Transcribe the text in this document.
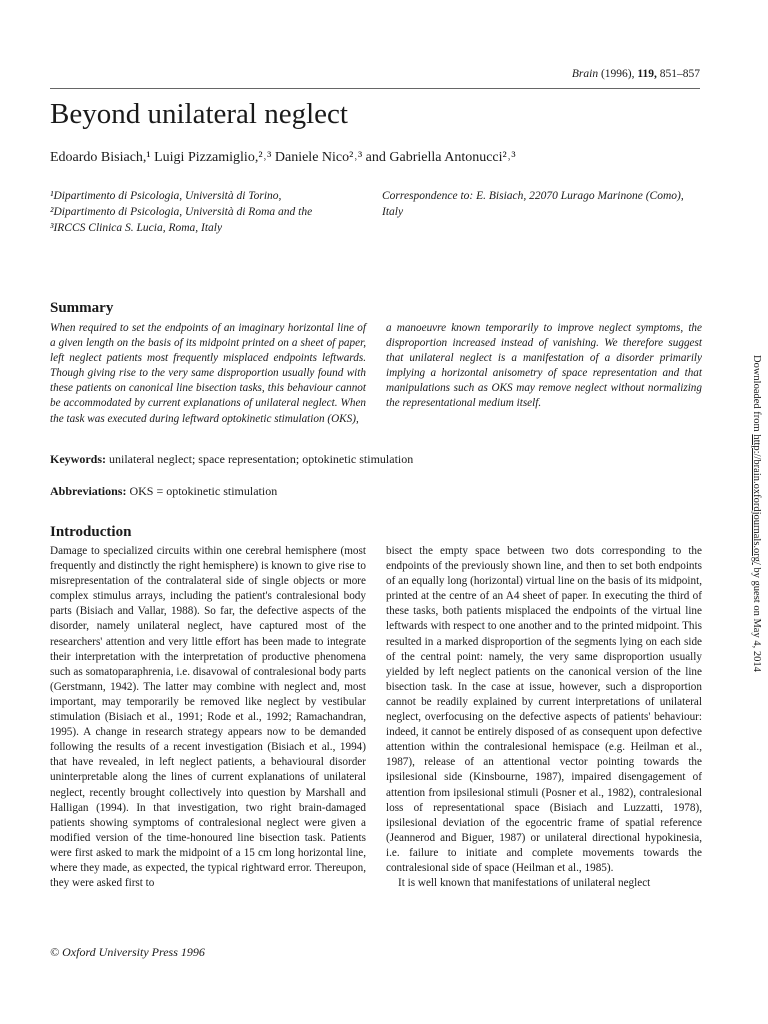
Brain (1996), 119, 851–857
Beyond unilateral neglect
Edoardo Bisiach,¹ Luigi Pizzamiglio,²˒³ Daniele Nico²˒³ and Gabriella Antonucci²˒³
¹Dipartimento di Psicologia, Università di Torino,
²Dipartimento di Psicologia, Università di Roma and the
³IRCCS Clinica S. Lucia, Roma, Italy
Correspondence to: E. Bisiach, 22070 Lurago Marinone (Como), Italy
Summary
When required to set the endpoints of an imaginary horizontal line of a given length on the basis of its midpoint printed on a sheet of paper, left neglect patients most frequently misplaced endpoints leftwards. Though giving rise to the very same disproportion usually found with these patients on canonical line bisection tasks, this behaviour cannot be accommodated by current explanations of unilateral neglect. When the task was executed during leftward optokinetic stimulation (OKS),
a manoeuvre known temporarily to improve neglect symptoms, the disproportion increased instead of vanishing. We therefore suggest that unilateral neglect is a manifestation of a disorder primarily implying a horizontal anisometry of space representation and that manipulations such as OKS may remove neglect without normalizing the representational medium itself.
Keywords: unilateral neglect; space representation; optokinetic stimulation
Abbreviations: OKS = optokinetic stimulation
Introduction
Damage to specialized circuits within one cerebral hemisphere (most frequently and distinctly the right hemisphere) is known to give rise to misrepresentation of the contralateral side of single objects or more complex stimulus arrays, including the patient's contralesional body parts (Bisiach and Vallar, 1988). So far, the defective aspects of the disorder, namely unilateral neglect, have captured most of the researchers' attention and very little effort has been made to integrate their interpretation with the interpretation of productive phenomena such as somatoparaphrenia, i.e. disavowal of contralesional body parts (Gerstmann, 1942). The latter may combine with neglect and, most important, may temporarily be removed like neglect by vestibular stimulation (Bisiach et al., 1991; Rode et al., 1992; Ramachandran, 1995). A change in research strategy appears now to be demanded following the results of a recent investigation (Bisiach et al., 1994) that have revealed, in left neglect patients, a behavioural disorder uninterpretable along the lines of current explanations of unilateral neglect, recently brought collectively into question by Marshall and Halligan (1994). In that investigation, two right brain-damaged patients showing symptoms of contralesional neglect were given a modified version of the time-honoured line bisection task. Patients were first asked to mark the midpoint of a 15 cm long horizontal line, where they made, as expected, the typical rightward error. Thereupon, they were asked first to

bisect the empty space between two dots corresponding to the endpoints of the previously shown line, and then to set both endpoints of an equally long (horizontal) virtual line on the basis of its midpoint, printed at the centre of an A4 sheet of paper. In executing the third of these tasks, both patients misplaced the endpoints of the virtual line leftwards with respect to one another and to the printed midpoint. This resulted in a marked disproportion of the segments lying on each side of the central point: namely, the very same disproportion usually yielded by left neglect patients on the canonical version of the line bisection task. In the case at issue, however, such a disproportion cannot be readily explained by current interpretations of unilateral neglect, overfocusing on the defective aspects of patients' behaviour: indeed, it cannot be entirely disposed of as consequent upon defective attention within the contralesional hemispace (e.g. Heilman et al., 1987), release of an attentional vector pointing towards the ipsilesional side (Kinsbourne, 1987), impaired disengagement of attention from ipsilesional stimuli (Posner et al., 1982), contralesional loss of representational space (Bisiach and Luzzatti, 1978), ipsilesional deviation of the egocentric frame of spatial reference (Jeannerod and Biguer, 1987) or unilateral directional hypokinesia, i.e. failure to initiate and complete movements towards the contralesional side of space (Heilman et al., 1985).

It is well known that manifestations of unilateral neglect

© Oxford University Press 1996
Downloaded from http://brain.oxfordjournals.org/ by guest on May 4, 2014
